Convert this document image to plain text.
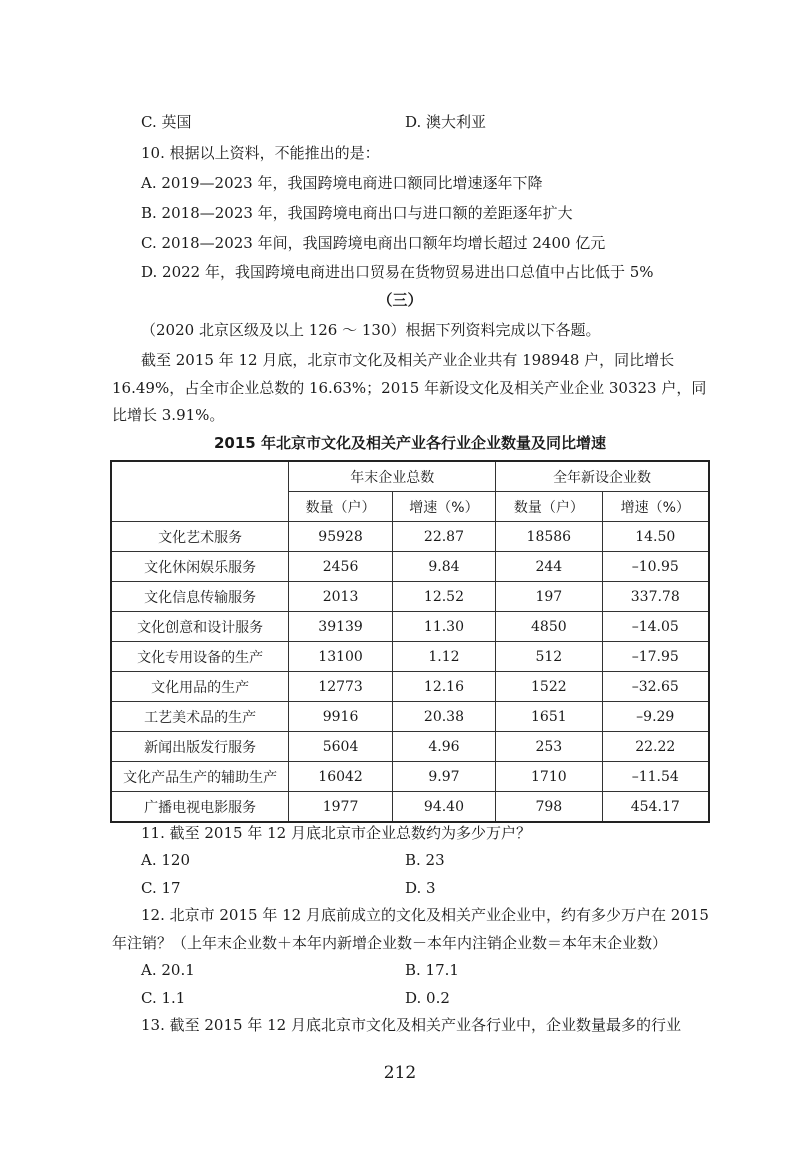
C. 英国	D. 澳大利亚
10. 根据以上资料，不能推出的是：
A. 2019—2023 年，我国跨境电商进口额同比增速逐年下降
B. 2018—2023 年，我国跨境电商出口与进口额的差距逐年扩大
C. 2018—2023 年间，我国跨境电商出口额年均增长超过 2400 亿元
D. 2022 年，我国跨境电商进出口贸易在货物贸易进出口总值中占比低于 5%
（三）
（2020 北京区级及以上 126 ～ 130）根据下列资料完成以下各题。
截至 2015 年 12 月底，北京市文化及相关产业企业共有 198948 户，同比增长
16.49%，占全市企业总数的 16.63%；2015 年新设文化及相关产业企业 30323 户，同
比增长 3.91%。
2015 年北京市文化及相关产业各行业企业数量及同比增速
	年末企业总数		全年新设企业数	
	数量（户）	增速（%）	数量（户）	增速（%）
文化艺术服务	95928	22.87	18586	14.50
文化休闲娱乐服务	2456	9.84	244	–10.95
文化信息传输服务	2013	12.52	197	337.78
文化创意和设计服务	39139	11.30	4850	–14.05
文化专用设备的生产	13100	1.12	512	–17.95
文化用品的生产	12773	12.16	1522	–32.65
工艺美术品的生产	9916	20.38	1651	–9.29
新闻出版发行服务	5604	4.96	253	22.22
文化产品生产的辅助生产	16042	9.97	1710	–11.54
广播电视电影服务	1977	94.40	798	454.17
11. 截至 2015 年 12 月底北京市企业总数约为多少万户？
A. 120	B. 23
C. 17	D. 3
12. 北京市 2015 年 12 月底前成立的文化及相关产业企业中，约有多少万户在 2015
年注销？（上年末企业数＋本年内新增企业数－本年内注销企业数＝本年末企业数）
A. 20.1	B. 17.1
C. 1.1	D. 0.2
13. 截至 2015 年 12 月底北京市文化及相关产业各行业中，企业数量最多的行业
212
